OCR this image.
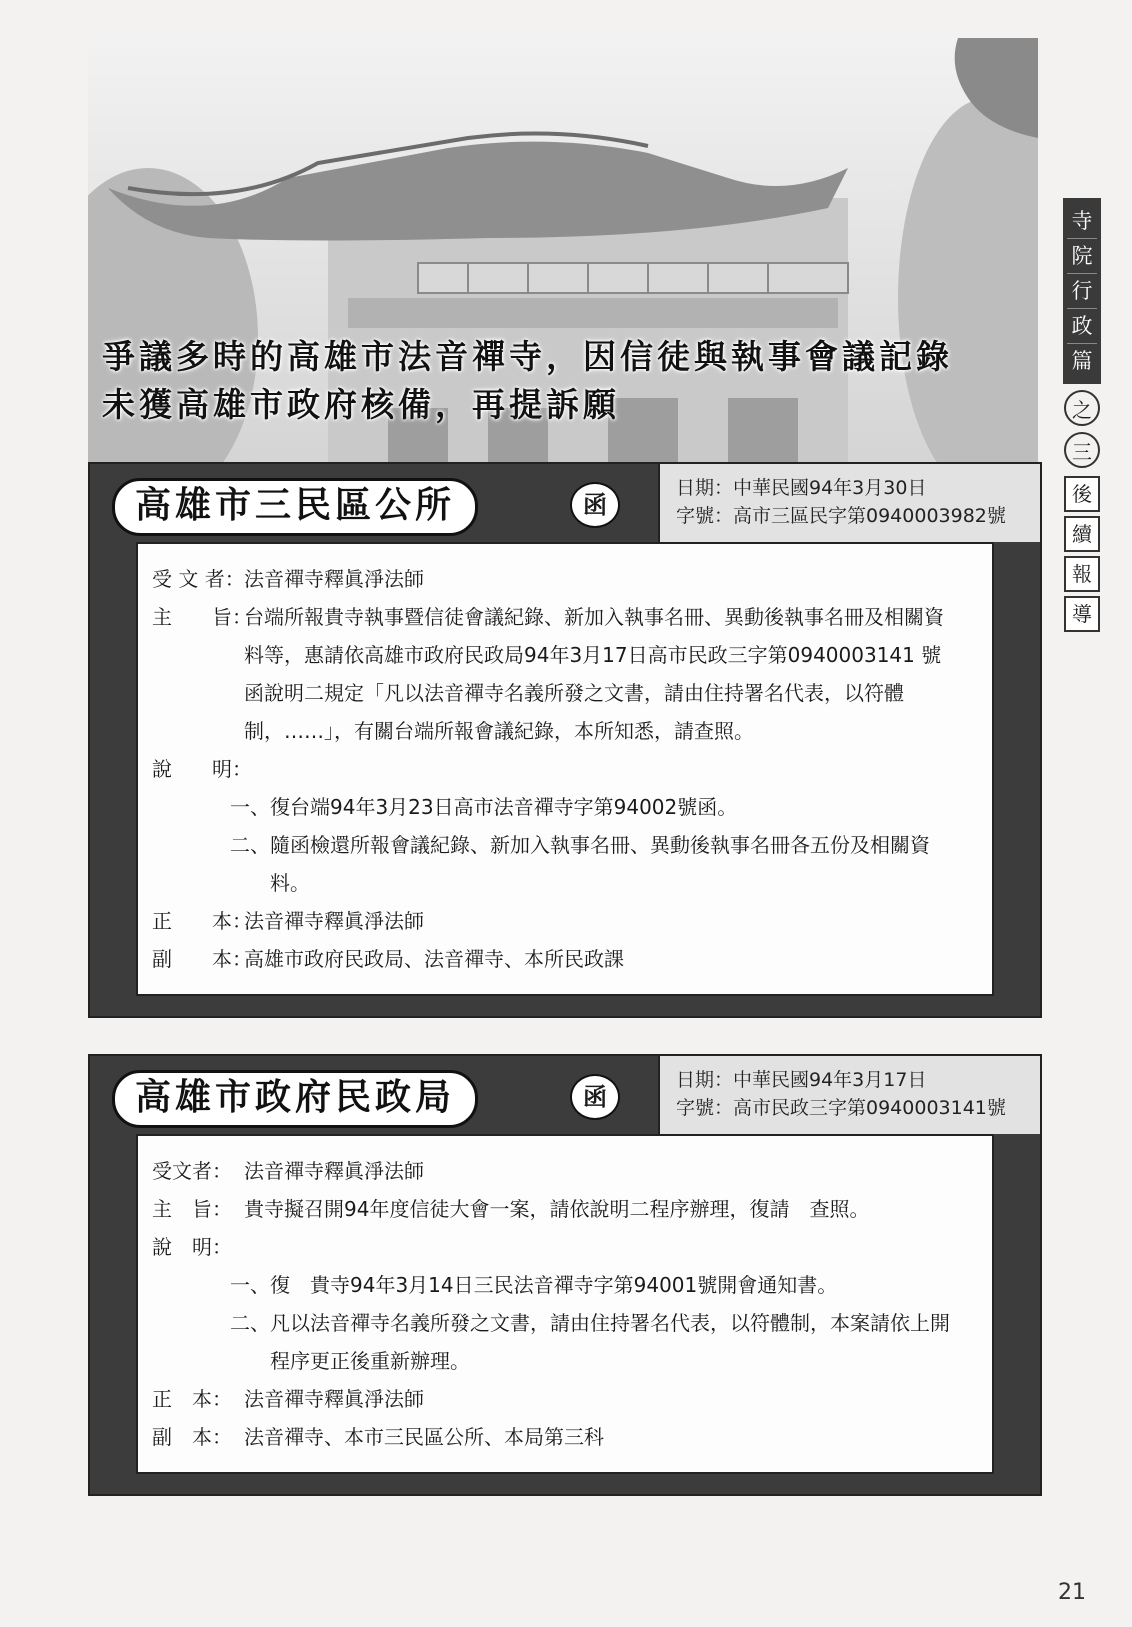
爭議多時的高雄市法音禪寺，因信徒與執事會議記錄
未獲高雄市政府核備，再提訴願
寺
院
行
政
篇
之
三
後
續
報
導
高雄市三民區公所	函
日期：中華民國94年3月30日
字號：高市三區民字第0940003982號
受 文 者： 法音禪寺釋眞淨法師
主　　旨：
台端所報貴寺執事暨信徒會議紀錄、新加入執事名冊、異動後執事名冊及相關資料等，惠請依高雄市政府民政局94年3月17日高市民政三字第0940003141 號函說明二規定「凡以法音禪寺名義所發之文書，請由住持署名代表，以符體制，……」，有關台端所報會議紀錄，本所知悉，請查照。
說　　明：
一、 復台端94年3月23日高市法音禪寺字第94002號函。
二、 隨函檢還所報會議紀錄、新加入執事名冊、異動後執事名冊各五份及相關資料。
正　　本：
法音禪寺釋眞淨法師
副　　本：
高雄市政府民政局、法音禪寺、本所民政課
高雄市政府民政局	函
日期：中華民國94年3月17日
字號：高市民政三字第0940003141號
受文者： 法音禪寺釋眞淨法師
主　旨： 貴寺擬召開94年度信徒大會一案，請依說明二程序辦理，復請　查照。
說　明：
一、 復　貴寺94年3月14日三民法音禪寺字第94001號開會通知書。
二、 凡以法音禪寺名義所發之文書，請由住持署名代表，以符體制，本案請依上開程序更正後重新辦理。
正　本： 法音禪寺釋眞淨法師
副　本： 法音禪寺、本市三民區公所、本局第三科
21
